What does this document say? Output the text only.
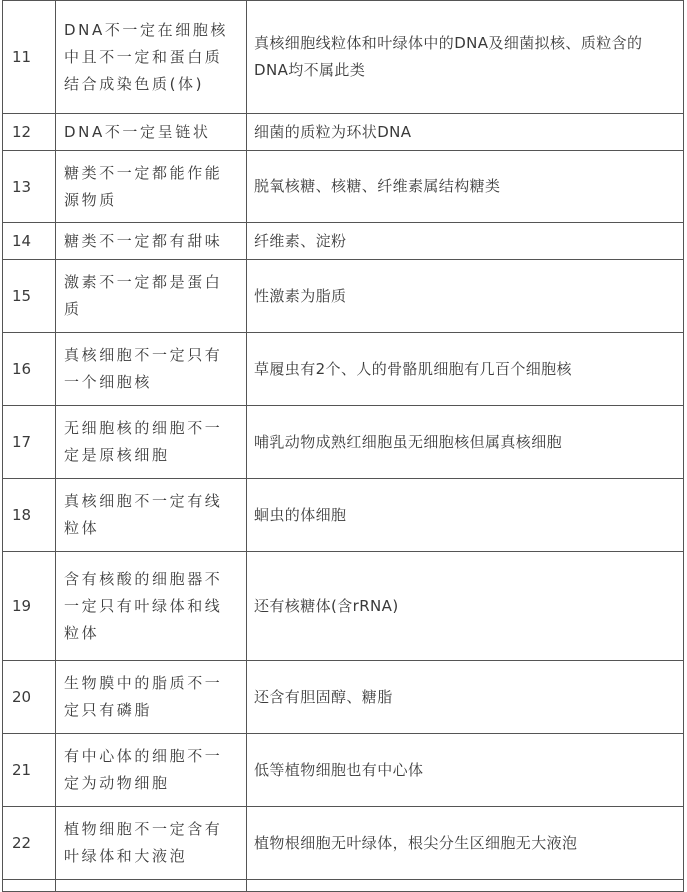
11	DNA不一定在细胞核中且不一定和蛋白质结合成染色质(体)	真核细胞线粒体和叶绿体中的DNA及细菌拟核、质粒含的DNA均不属此类
12	DNA不一定呈链状	细菌的质粒为环状DNA
13	糖类不一定都能作能源物质	脱氧核糖、核糖、纤维素属结构糖类
14	糖类不一定都有甜味	纤维素、淀粉
15	激素不一定都是蛋白质	性激素为脂质
16	真核细胞不一定只有一个细胞核	草履虫有2个、人的骨骼肌细胞有几百个细胞核
17	无细胞核的细胞不一定是原核细胞	哺乳动物成熟红细胞虽无细胞核但属真核细胞
18	真核细胞不一定有线粒体	蛔虫的体细胞
19	含有核酸的细胞器不一定只有叶绿体和线粒体	还有核糖体(含rRNA)
20	生物膜中的脂质不一定只有磷脂	还含有胆固醇、糖脂
21	有中心体的细胞不一定为动物细胞	低等植物细胞也有中心体
22	植物细胞不一定含有叶绿体和大液泡	植物根细胞无叶绿体，根尖分生区细胞无大液泡
